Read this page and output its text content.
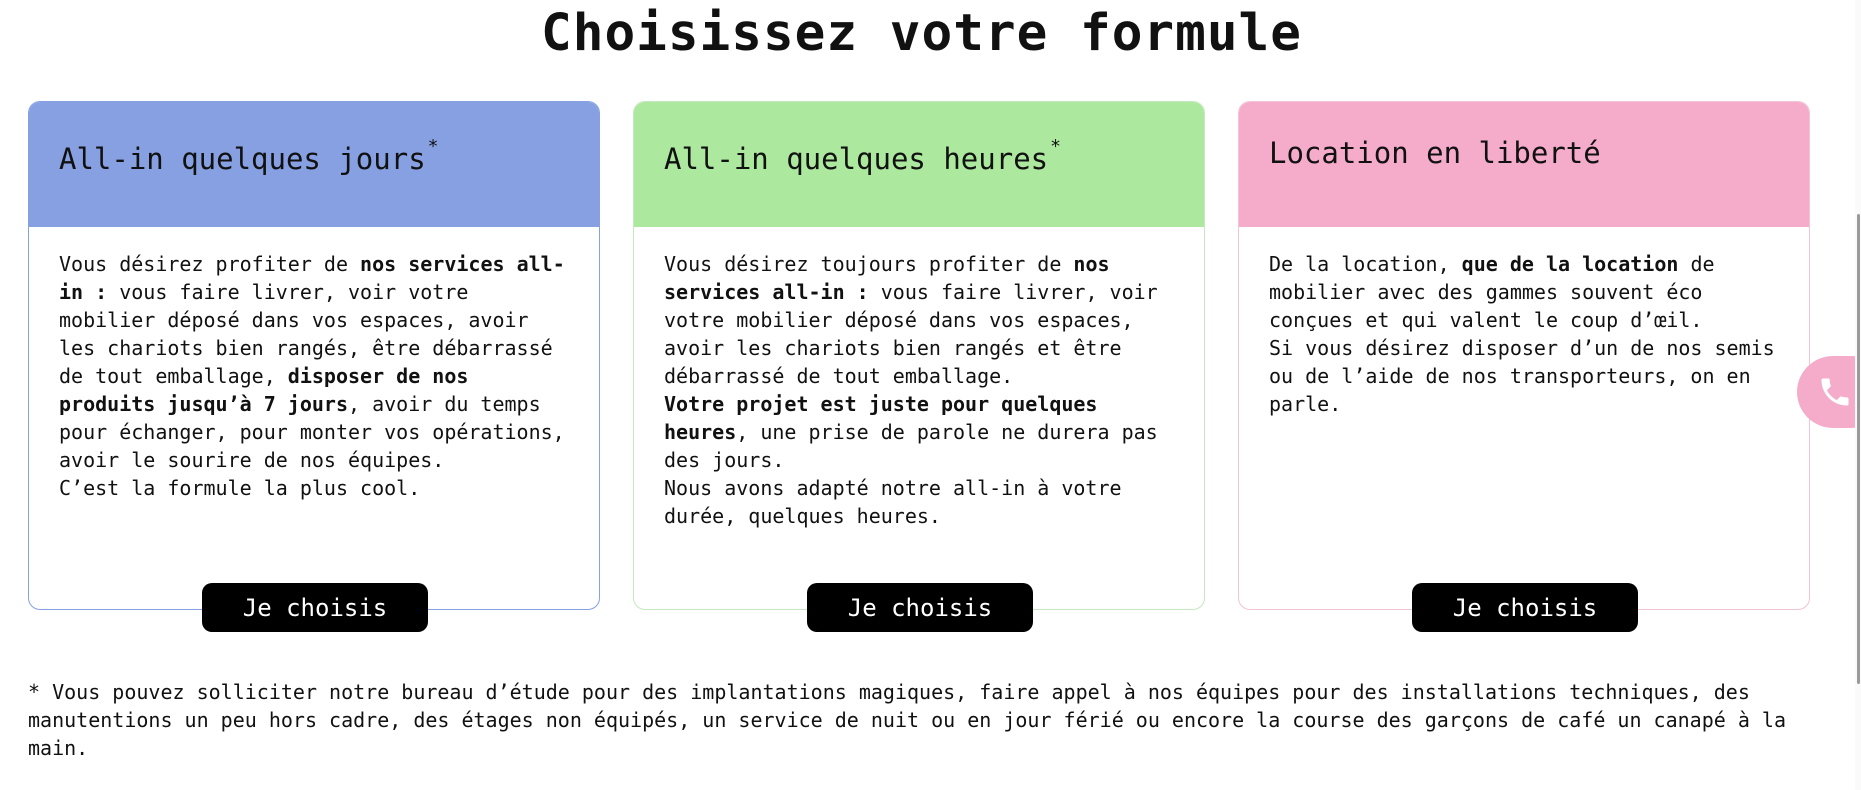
Choisissez votre formule
All-in quelques jours *

Vous désirez profiter de nos services all-in : vous faire livrer, voir votre mobilier déposé dans vos espaces, avoir les chariots bien rangés, être débarrassé de tout emballage, disposer de nos produits jusqu’à 7 jours, avoir du temps pour échanger, pour monter vos opérations, avoir le sourire de nos équipes.

C’est la formule la plus cool.

Je choisis
All-in quelques heures *

Vous désirez toujours profiter de nos services all-in : vous faire livrer, voir votre mobilier déposé dans vos espaces, avoir les chariots bien rangés et être débarrassé de tout emballage.

Votre projet est juste pour quelques heures, une prise de parole ne durera pas des jours.

Nous avons adapté notre all-in à votre durée, quelques heures.

Je choisis
Location en liberté

De la location, que de la location de mobilier avec des gammes souvent éco conçues et qui valent le coup d’œil.

Si vous désirez disposer d’un de nos semis ou de l’aide de nos transporteurs, on en parle.

Je choisis

* Vous pouvez solliciter notre bureau d’étude pour des implantations magiques, faire appel à nos équipes pour des installations techniques, des manutentions un peu hors cadre, des étages non équipés, un service de nuit ou en jour férié ou encore la course des garçons de café un canapé à la main.
